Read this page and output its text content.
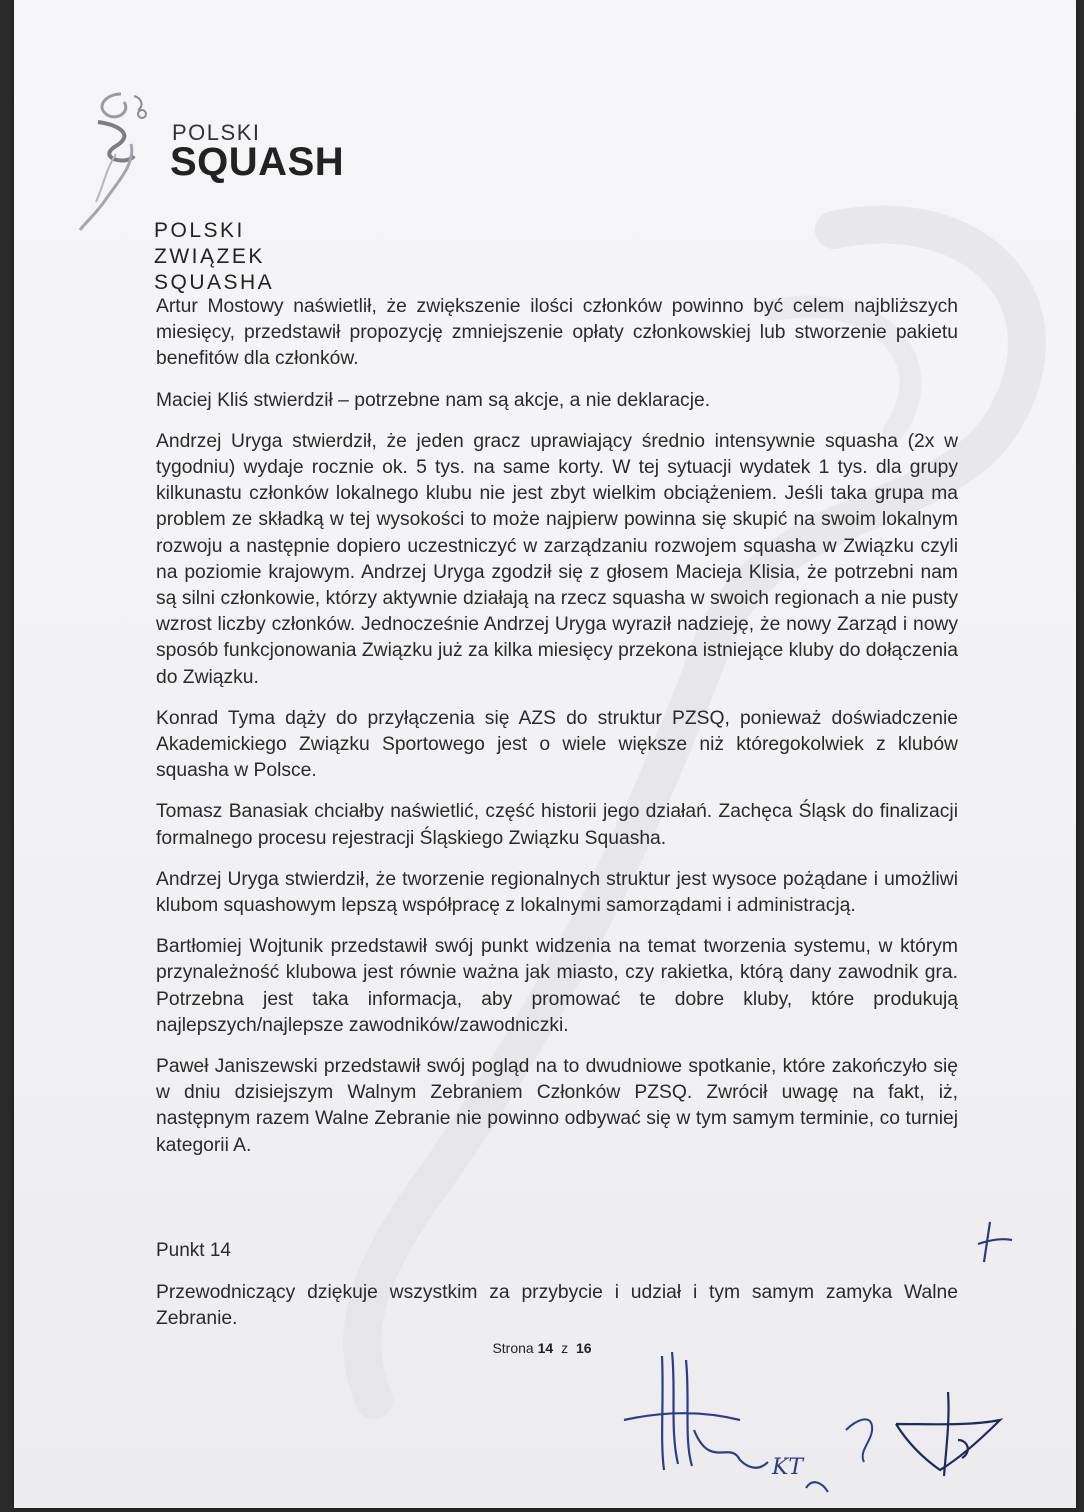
POLSKI
SQUASH
POLSKI
ZWIĄZEK
SQUASHA

Artur Mostowy naświetlił, że zwiększenie ilości członków powinno być celem najbliższych miesięcy, przedstawił propozycję zmniejszenie opłaty członkowskiej lub stworzenie pakietu benefitów dla członków.

Maciej Kliś stwierdził – potrzebne nam są akcje, a nie deklaracje.

Andrzej Uryga stwierdził, że jeden gracz uprawiający średnio intensywnie squasha (2x w tygodniu) wydaje rocznie ok. 5 tys. na same korty. W tej sytuacji wydatek 1 tys. dla grupy kilkunastu członków lokalnego klubu nie jest zbyt wielkim obciążeniem. Jeśli taka grupa ma problem ze składką w tej wysokości to może najpierw powinna się skupić na swoim lokalnym rozwoju a następnie dopiero uczestniczyć w zarządzaniu rozwojem squasha w Związku czyli na poziomie krajowym. Andrzej Uryga zgodził się z głosem Macieja Klisia, że potrzebni nam są silni członkowie, którzy aktywnie działają na rzecz squasha w swoich regionach a nie pusty wzrost liczby członków. Jednocześnie Andrzej Uryga wyraził nadzieję, że nowy Zarząd i nowy sposób funkcjonowania Związku już za kilka miesięcy przekona istniejące kluby do dołączenia do Związku.

Konrad Tyma dąży do przyłączenia się AZS do struktur PZSQ, ponieważ doświadczenie Akademickiego Związku Sportowego jest o wiele większe niż któregokolwiek z klubów squasha w Polsce.

Tomasz Banasiak chciałby naświetlić, część historii jego działań. Zachęca Śląsk do finalizacji formalnego procesu rejestracji Śląskiego Związku Squasha.

Andrzej Uryga stwierdził, że tworzenie regionalnych struktur jest wysoce pożądane i umożliwi klubom squashowym lepszą współpracę z lokalnymi samorządami i administracją.

Bartłomiej Wojtunik przedstawił swój punkt widzenia na temat tworzenia systemu, w którym przynależność klubowa jest równie ważna jak miasto, czy rakietka, którą dany zawodnik gra. Potrzebna jest taka informacja, aby promować te dobre kluby, które produkują najlepszych/najlepsze zawodników/zawodniczki.

Paweł Janiszewski przedstawił swój pogląd na to dwudniowe spotkanie, które zakończyło się w dniu dzisiejszym Walnym Zebraniem Członków PZSQ. Zwrócił uwagę na fakt, iż, następnym razem Walne Zebranie nie powinno odbywać się w tym samym terminie, co turniej kategorii A.

Punkt 14
Przewodniczący dziękuje wszystkim za przybycie i udział i tym samym zamyka Walne Zebranie.
Strona 14 z 16
KT
